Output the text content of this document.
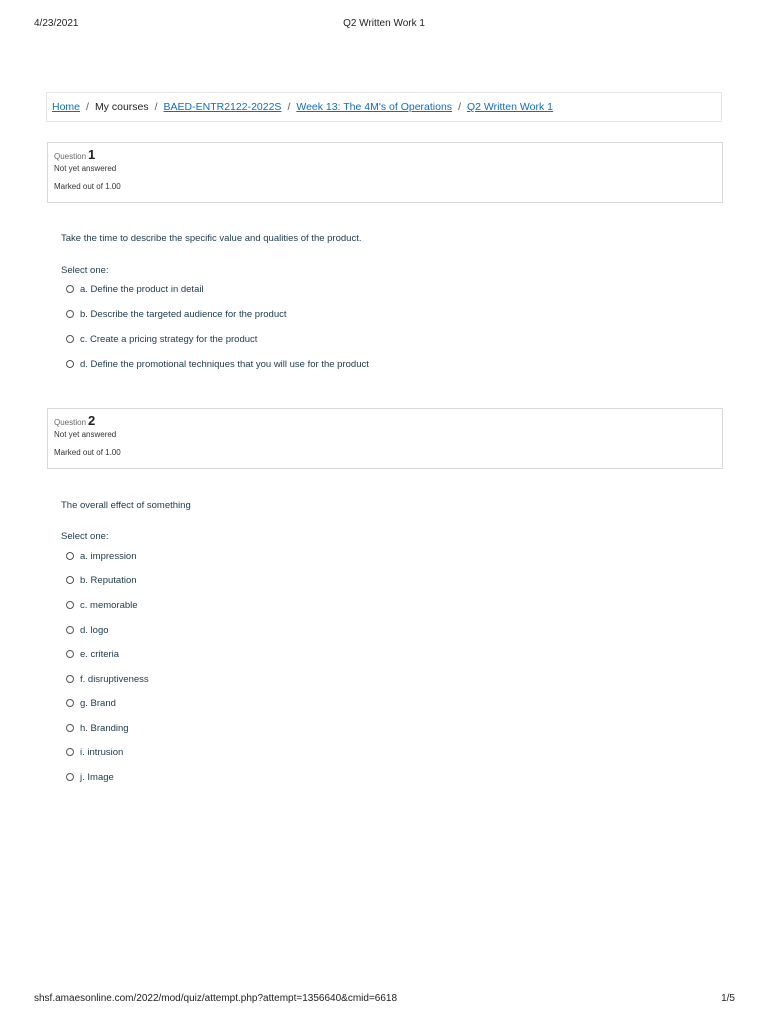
4/23/2021	Q2 Written Work 1
Home / My courses / BAED-ENTR2122-2022S / Week 13: The 4M's of Operations / Q2 Written Work 1
Question 1
Not yet answered
Marked out of 1.00
Take the time to describe the specific value and qualities of the product.
Select one:
a. Define the product in detail
b. Describe the targeted audience for the product
c. Create a pricing strategy for the product
d. Define the promotional techniques that you will use for the product
Question 2
Not yet answered
Marked out of 1.00
The overall effect of something
Select one:
a. impression
b. Reputation
c. memorable
d. logo
e. criteria
f. disruptiveness
g. Brand
h. Branding
i. intrusion
j. Image
shsf.amaesonline.com/2022/mod/quiz/attempt.php?attempt=1356640&cmid=6618	1/5
